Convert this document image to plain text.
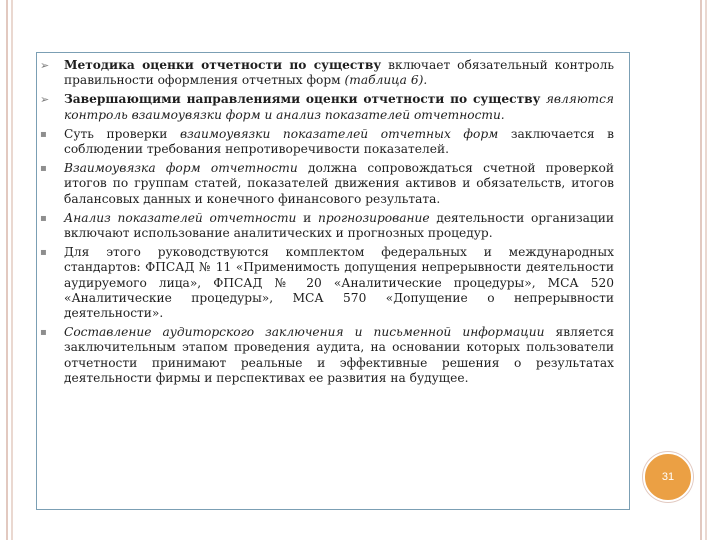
➢	Методика оценки отчетности по существу включает обязательный контроль правильности оформления отчетных форм (таблица 6).
➢	Завершающими направлениями оценки отчетности по существу являются контроль взаимоувязки форм и анализ показателей отчетности.
▪	Суть проверки взаимоувязки показателей отчетных форм заключается в соблюдении требования непротиворечивости показателей.
▪	Взаимоувязка форм отчетности должна сопровождаться счетной проверкой итогов по группам статей, показателей движения активов и обязательств, итогов балансовых данных и конечного финансового результата.
▪	Анализ показателей отчетности и прогнозирование деятельности организации включают использование аналитических и прогнозных процедур.
▪	Для этого руководствуются комплектом федеральных и международных стандартов: ФПСАД № 11 «Применимость допущения непрерывности деятельности аудируемого лица», ФПСАД № 20 «Аналитические процедуры», МСА 520 «Аналитические процедуры», МСА 570 «Допущение о непрерывности деятельности».
▪	Составление аудиторского заключения и письменной информации является заключительным этапом проведения аудита, на основании которых пользователи отчетности принимают реальные и эффективные решения о результатах деятельности фирмы и перспективах ее развития на будущее.
31
